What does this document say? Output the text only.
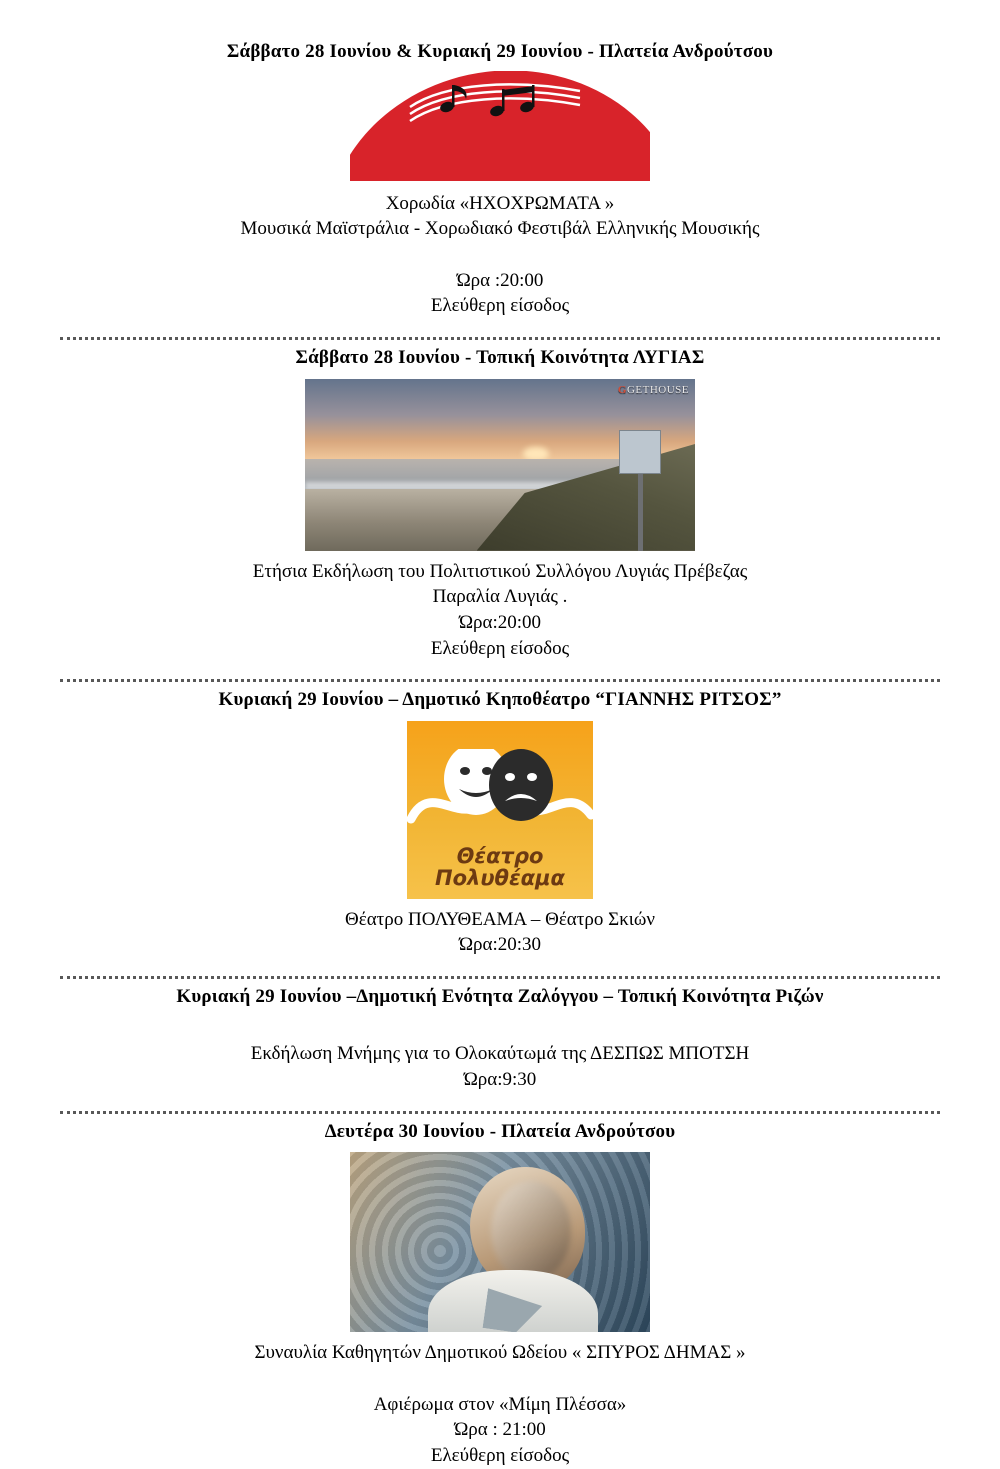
Σάββατο 28 Ιουνίου & Κυριακή 29 Ιουνίου - Πλατεία Ανδρούτσου
Χορωδία «ΗΧΟΧΡΩΜΑΤΑ »
Μουσικά Μαϊστράλια - Χορωδιακό Φεστιβάλ Ελληνικής Μουσικής

Ώρα :20:00
Ελεύθερη είσοδος
Σάββατο 28 Ιουνίου - Τοπική Κοινότητα ΛΥΓΙΑΣ
GGETHOUSE
Ετήσια Εκδήλωση του Πολιτιστικού Συλλόγου Λυγιάς Πρέβεζας
Παραλία Λυγιάς .
Ώρα:20:00
Ελεύθερη είσοδος
Κυριακή 29 Ιουνίου – Δημοτικό Κηποθέατρο “ΓΙΑΝΝΗΣ ΡΙΤΣΟΣ”
Θέατρο
Πολυθέαμα
Θέατρο ΠΟΛΥΘΕΑΜΑ – Θέατρο Σκιών
Ώρα:20:30
Κυριακή 29 Ιουνίου –Δημοτική Ενότητα Ζαλόγγου – Τοπική Κοινότητα Ριζών

Εκδήλωση Μνήμης για το Ολοκαύτωμά της ΔΕΣΠΩΣ ΜΠΟΤΣΗ
Ώρα:9:30
Δευτέρα 30 Ιουνίου - Πλατεία Ανδρούτσου
Συναυλία Καθηγητών Δημοτικού Ωδείου « ΣΠΥΡΟΣ ΔΗΜΑΣ »

Αφιέρωμα στον «Μίμη Πλέσσα»
Ώρα : 21:00
Ελεύθερη είσοδος
